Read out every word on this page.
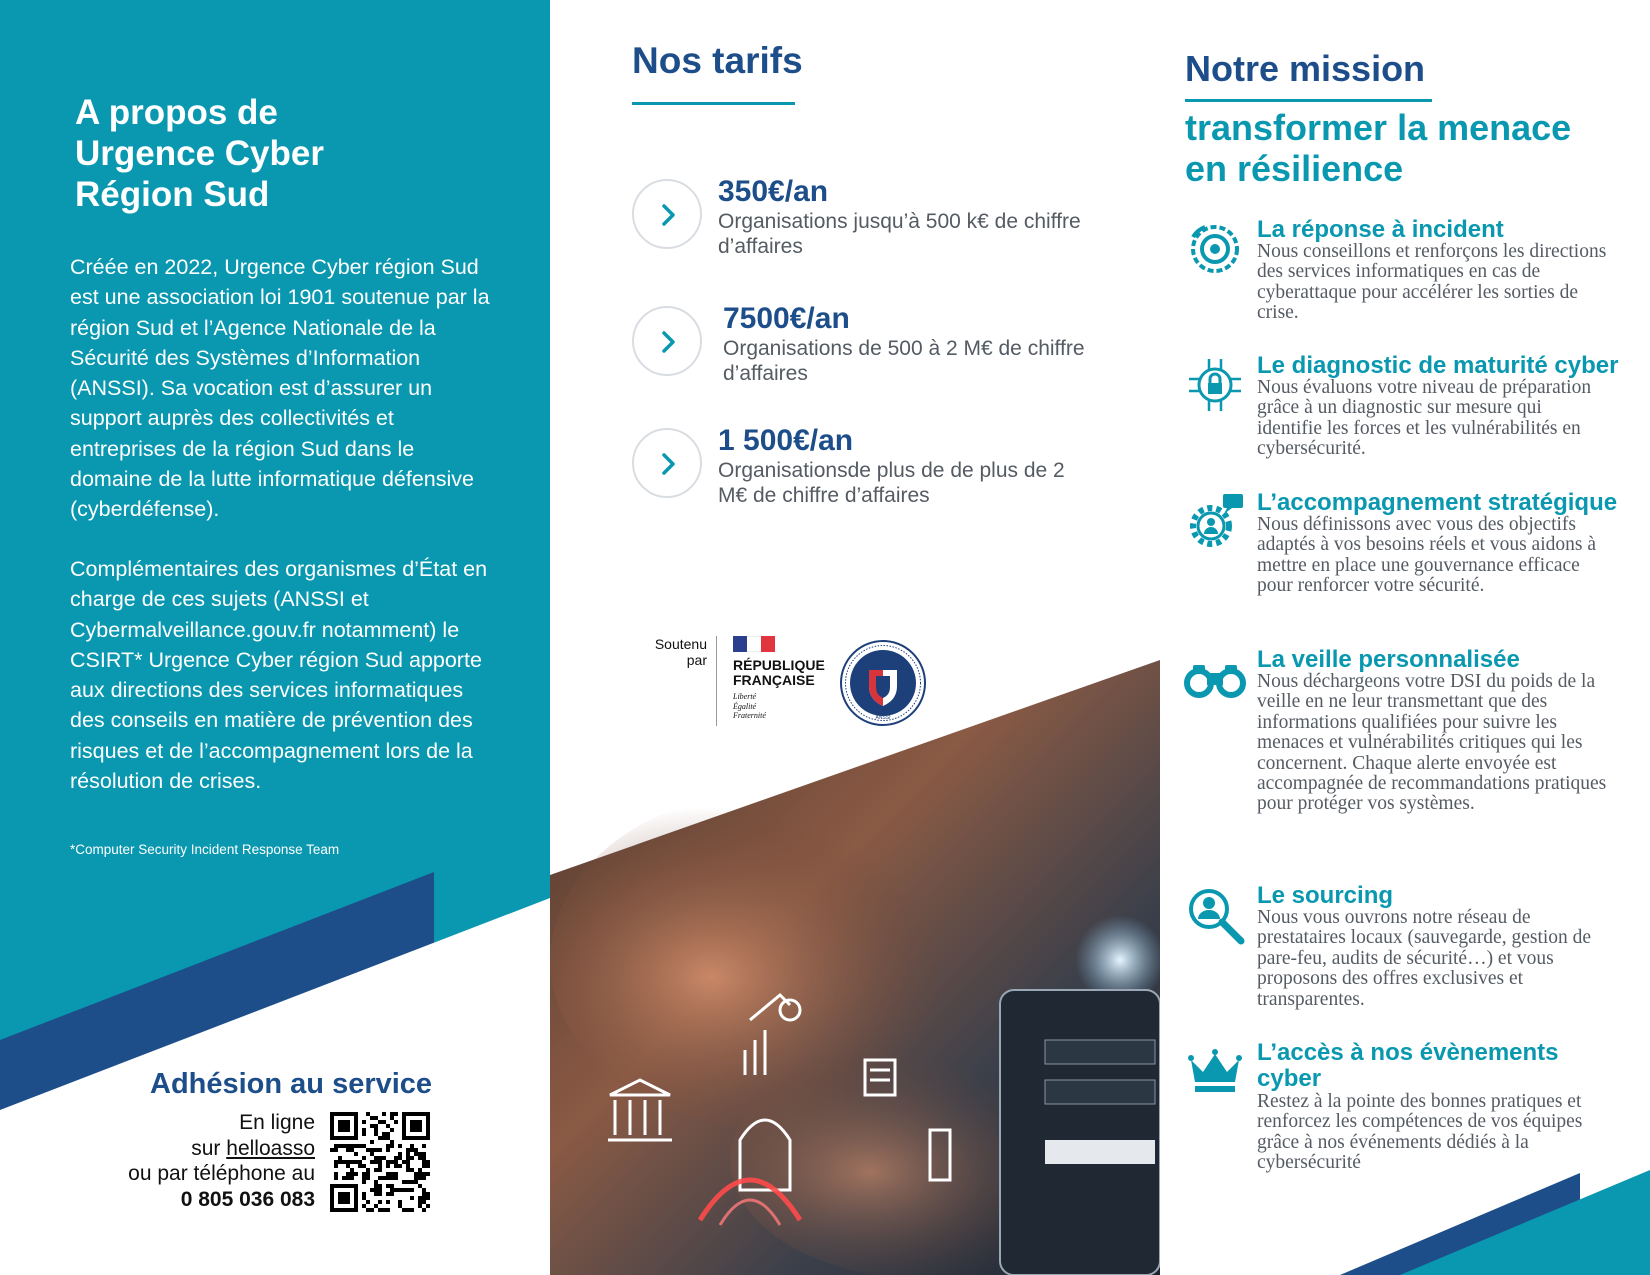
A propos de
Urgence Cyber
Région Sud

Créée en 2022, Urgence Cyber région Sud est une association loi 1901 soutenue par la région Sud et l’Agence Nationale de la Sécurité des Systèmes d’Information (ANSSI). Sa vocation est d’assurer un support auprès des collectivités et entreprises de la région Sud dans le domaine de la lutte informatique défensive (cyberdéfense).

Complémentaires des organismes d’État en charge de ces sujets (ANSSI et Cybermalveillance.gouv.fr notamment) le CSIRT* Urgence Cyber région Sud apporte aux directions des services informatiques des conseils en matière de prévention des risques et de l’accompagnement lors de la résolution de crises.

*Computer Security Incident Response Team
Adhésion au service
En ligne
sur helloasso
ou par téléphone au
0 805 036 083
Nos tarifs
350€/an
Organisations jusqu’à 500 k€ de chiffre d’affaires
7500€/an
Organisations de 500 à 2 M€ de chiffre d’affaires
1 500€/an
Organisationsde plus de de plus de 2 M€ de chiffre d’affaires
Soutenu par RÉPUBLIQUE
FRANÇAISE
Liberté
Égalité
Fraternité	ANSSI
Notre mission
transformer la menace
en résilience
La réponse à incident
Nous conseillons et renforçons les directions des services informatiques en cas de cyberattaque pour accélérer les sorties de crise.
Le diagnostic de maturité cyber
Nous évaluons votre niveau de préparation grâce à un diagnostic sur mesure qui identifie les forces et les vulnérabilités en cybersécurité.
L’accompagnement stratégique
Nous définissons avec vous des objectifs adaptés à vos besoins réels et vous aidons à mettre en place une gouvernance efficace pour renforcer votre sécurité.
La veille personnalisée
Nous déchargeons votre DSI du poids de la veille en ne leur transmettant que des informations qualifiées pour suivre les menaces et vulnérabilités critiques qui les concernent. Chaque alerte envoyée est accompagnée de recommandations pratiques pour protéger vos systèmes.
Le sourcing
Nous vous ouvrons notre réseau de prestataires locaux (sauvegarde, gestion de pare-feu, audits de sécurité…) et vous proposons des offres exclusives et transparentes.
L’accès à nos évènements cyber
Restez à la pointe des bonnes pratiques et renforcez les compétences de vos équipes grâce à nos événements dédiés à la cybersécurité
